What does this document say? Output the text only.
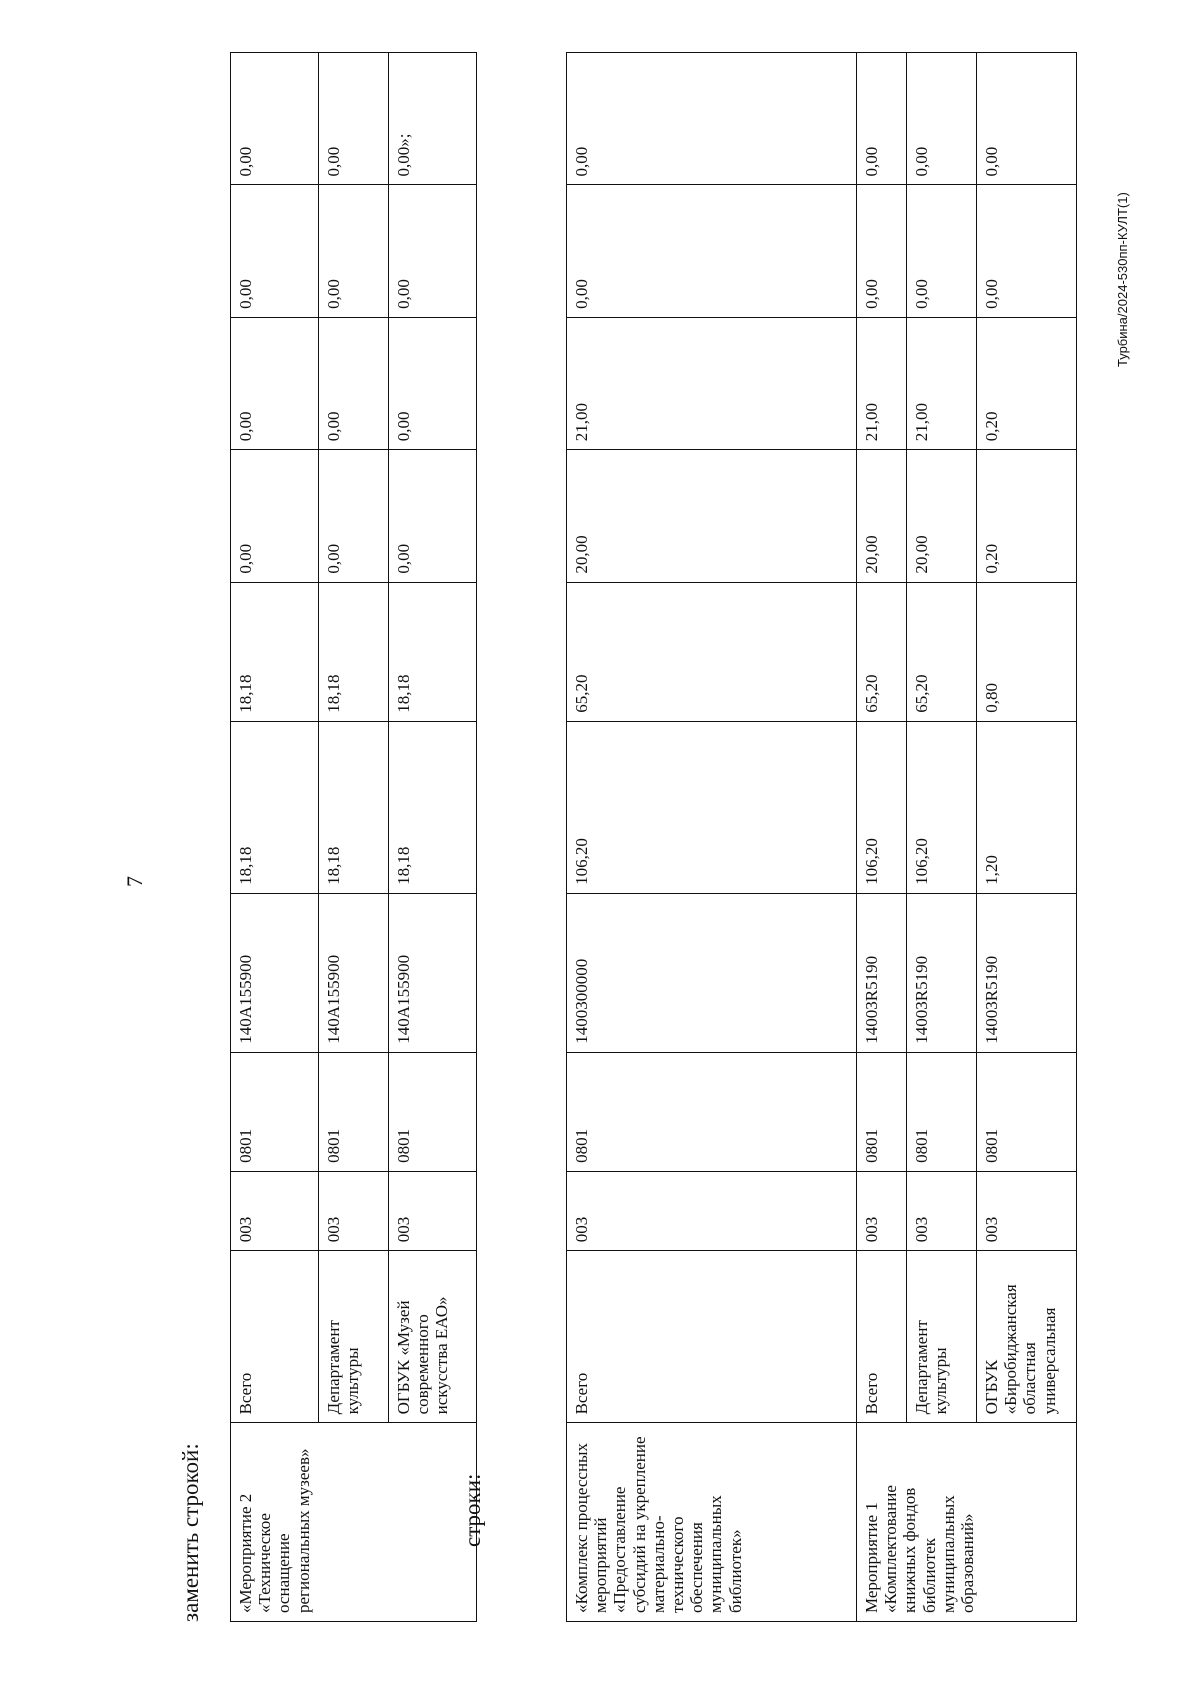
7
заменить строкой: «Мероприятие 2 «Техническое оснащение региональных музеев»	Всего	003	0801	140A155900	18,18	18,18	0,00	0,00	0,00	0,00
	Департамент культуры	003	0801	140A155900	18,18	18,18	0,00	0,00	0,00	0,00
	ОГБУК «Музей современного искусства ЕАО»	003	0801	140A155900	18,18	18,18	0,00	0,00	0,00	0,00»;
строки:	«Комплекс процессных мероприятий «Предоставление субсидий на укрепление материально-технического обеспечения муниципальных библиотек»	Всего	003	0801	1400300000	106,20	65,20	20,00	21,00	0,00	0,00
Мероприятие 1 «Комплектование книжных фондов библиотек муниципальных образований»	Всего	003	0801	14003R5190	106,20	65,20	20,00	21,00	0,00	0,00
	Департамент культуры	003	0801	14003R5190	106,20	65,20	20,00	21,00	0,00	0,00
	ОГБУК «Биробиджанская областная универсальная	003	0801	14003R5190	1,20	0,80	0,20	0,20	0,00	0,00
Турбина/2024-530пп-КУЛТ(1)
